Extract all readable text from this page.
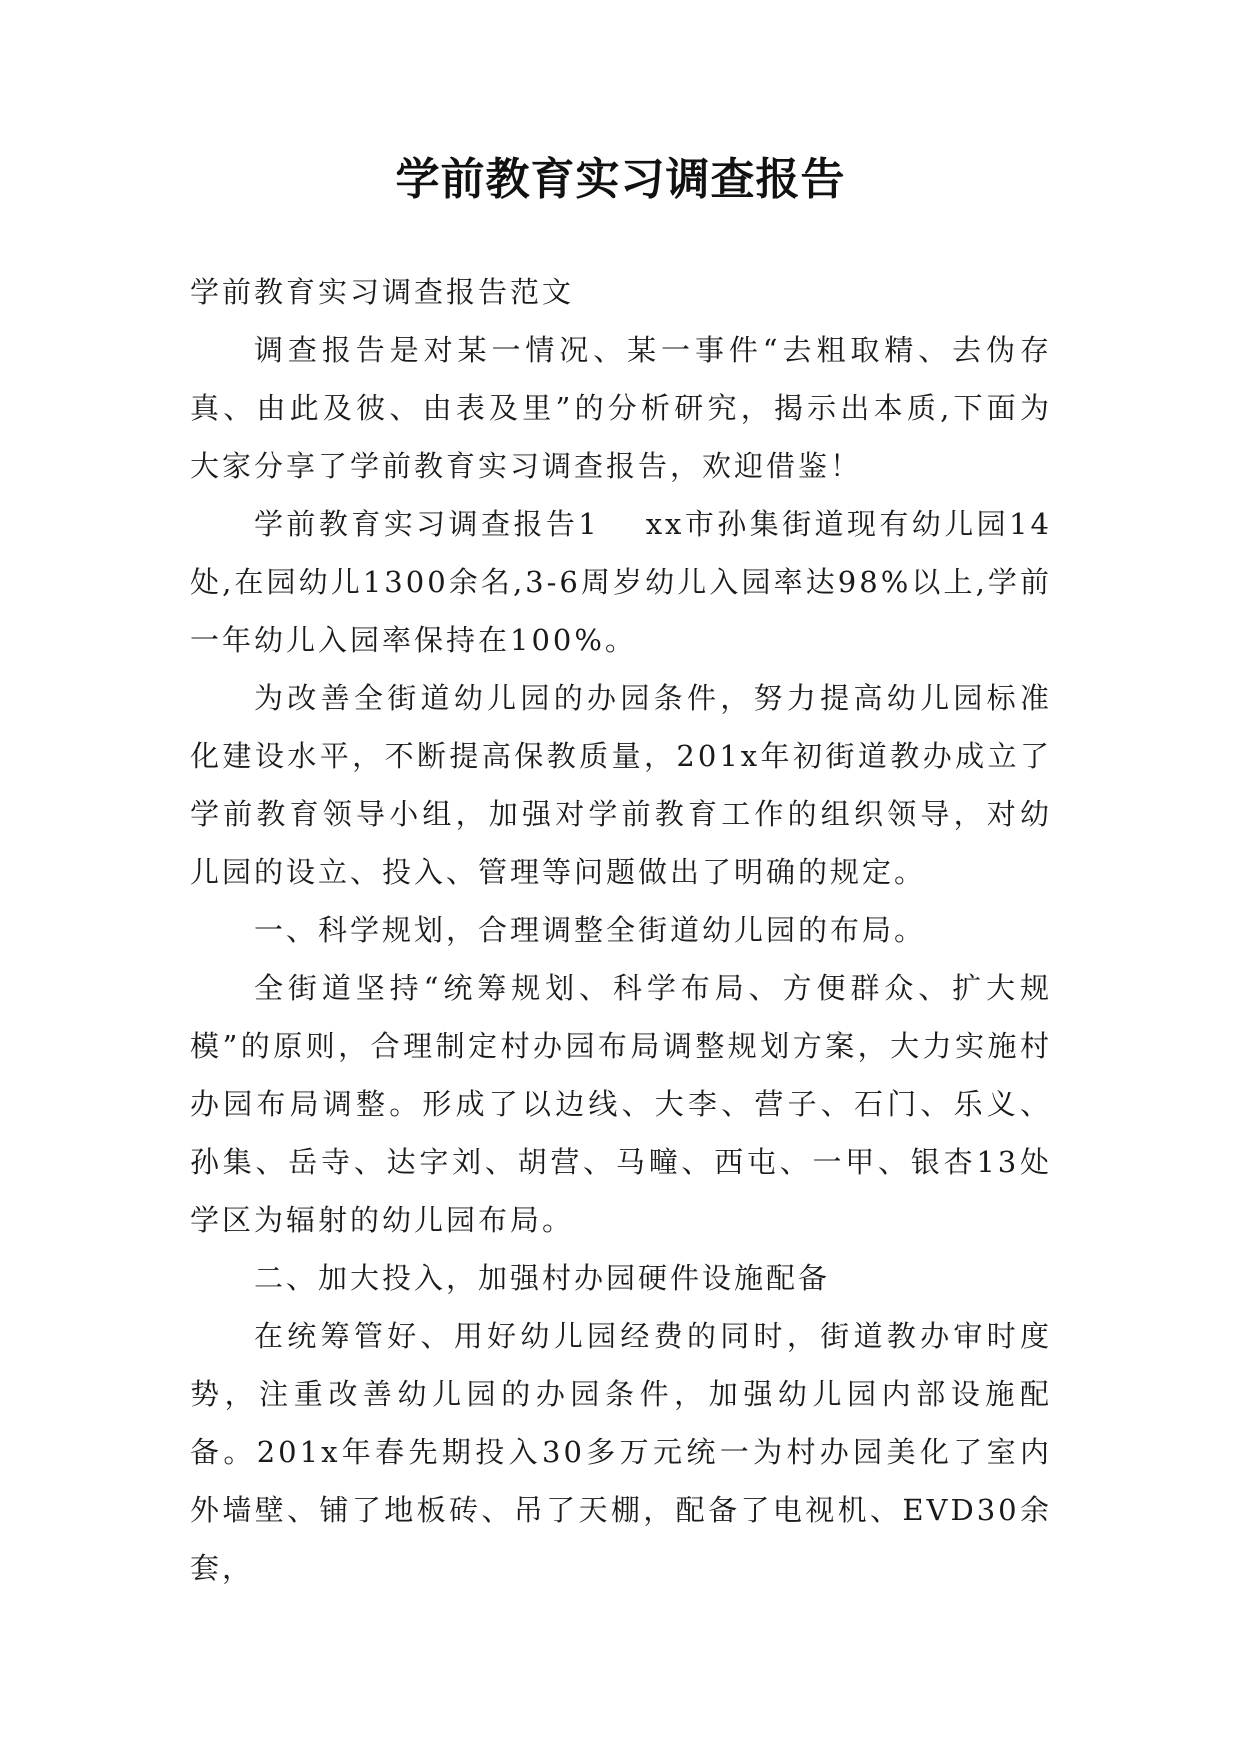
学前教育实习调查报告

学前教育实习调查报告范文

调查报告是对某一情况、某一事件“去粗取精、去伪存真、由此及彼、由表及里”的分析研究，揭示出本质,下面为大家分享了学前教育实习调查报告，欢迎借鉴！

学前教育实习调查报告1 xx市孙集街道现有幼儿园14处,在园幼儿1300余名,3-6周岁幼儿入园率达98%以上,学前一年幼儿入园率保持在100%。

为改善全街道幼儿园的办园条件，努力提高幼儿园标准化建设水平，不断提高保教质量，201x年初街道教办成立了学前教育领导小组，加强对学前教育工作的组织领导，对幼儿园的设立、投入、管理等问题做出了明确的规定。

一、科学规划，合理调整全街道幼儿园的布局。

全街道坚持“统筹规划、科学布局、方便群众、扩大规模”的原则，合理制定村办园布局调整规划方案，大力实施村办园布局调整。形成了以边线、大李、营子、石门、乐义、孙集、岳寺、达字刘、胡营、马疃、西屯、一甲、银杏13处学区为辐射的幼儿园布局。

二、加大投入，加强村办园硬件设施配备

在统筹管好、用好幼儿园经费的同时，街道教办审时度势，注重改善幼儿园的办园条件，加强幼儿园内部设施配备。201x年春先期投入30多万元统一为村办园美化了室内外墙壁、铺了地板砖、吊了天棚，配备了电视机、EVD30余套，
